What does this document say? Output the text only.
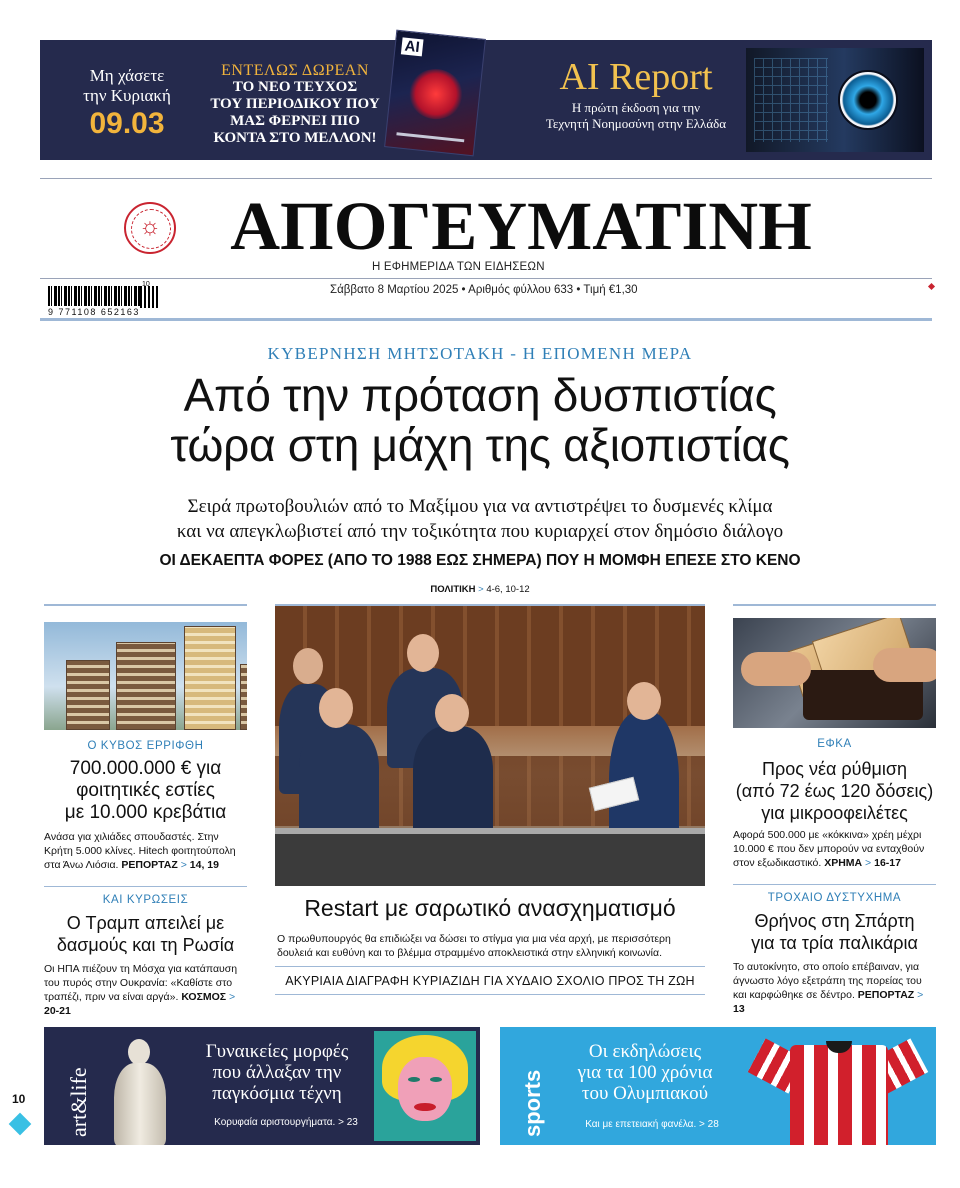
Μη χάσετε
την Κυριακή
09.03
ΕΝΤΕΛΩΣ ΔΩΡΕΑΝ
ΤΟ ΝΕΟ ΤΕΥΧΟΣ
ΤΟΥ ΠΕΡΙΟΔΙΚΟΥ ΠΟΥ
ΜΑΣ ΦΕΡΝΕΙ ΠΙΟ
ΚΟΝΤΑ ΣΤΟ ΜΕΛΛΟΝ!
AI
AI Report
Η πρώτη έκδοση για την
Τεχνητή Νοημοσύνη στην Ελλάδα
☼	ΑΠΟΓΕΥΜΑΤΙΝΗ
Η ΕΦΗΜΕΡΙΔΑ ΤΩΝ ΕΙΔΗΣΕΩΝ
10
9 771108 652163
Σάββατο 8 Μαρτίου 2025 • Αριθμός φύλλου 633 • Τιμή €1,30
ΚΥΒΕΡΝΗΣΗ ΜΗΤΣΟΤΑΚΗ - Η ΕΠΟΜΕΝΗ ΜΕΡΑ
Από την πρόταση δυσπιστίας
τώρα στη μάχη της αξιοπιστίας
Σειρά πρωτοβουλιών από το Μαξίμου για να αντιστρέψει το δυσμενές κλίμα
και να απεγκλωβιστεί από την τοξικότητα που κυριαρχεί στον δημόσιο διάλογο
ΟΙ ΔΕΚΑΕΠΤΑ ΦΟΡΕΣ (ΑΠΟ ΤΟ 1988 ΕΩΣ ΣΗΜΕΡΑ) ΠΟΥ Η ΜΟΜΦΗ ΕΠΕΣΕ ΣΤΟ ΚΕΝΟ
ΠΟΛΙΤΙΚΗ > 4-6, 10-12
Ο ΚΥΒΟΣ ΕΡΡΙΦΘΗ
700.000.000 € για
φοιτητικές εστίες
με 10.000 κρεβάτια
Ανάσα για χιλιάδες σπουδαστές. Στην Κρήτη 5.000 κλίνες. Hitech φοιτητούπολη στα Άνω Λιόσια. ΡΕΠΟΡΤΑΖ > 14, 19
ΚΑΙ ΚΥΡΩΣΕΙΣ
Ο Τραμπ απειλεί με
δασμούς και τη Ρωσία
Οι ΗΠΑ πιέζουν τη Μόσχα για κατάπαυση του πυρός στην Ουκρανία: «Καθίστε στο τραπέζι, πριν να είναι αργά». ΚΟΣΜΟΣ > 20-21
Restart με σαρωτικό ανασχηματισμό
Ο πρωθυπουργός θα επιδιώξει να δώσει το στίγμα για μια νέα αρχή, με περισσότερη δουλειά και ευθύνη και το βλέμμα στραμμένο αποκλειστικά στην ελληνική κοινωνία.
ΑΚΥΡΙΑΙΑ ΔΙΑΓΡΑΦΗ ΚΥΡΙΑΖΙΔΗ ΓΙΑ ΧΥΔΑΙΟ ΣΧΟΛΙΟ ΠΡΟΣ ΤΗ ΖΩΗ
ΕΦΚΑ
Προς νέα ρύθμιση
(από 72 έως 120 δόσεις)
για μικροοφειλέτες
Αφορά 500.000 με «κόκκινα» χρέη μέχρι 10.000 € που δεν μπορούν να ενταχθούν στον εξωδικαστικό. ΧΡΗΜΑ > 16-17
ΤΡΟΧΑΙΟ ΔΥΣΤΥΧΗΜΑ
Θρήνος στη Σπάρτη
για τα τρία παλικάρια
Το αυτοκίνητο, στο οποίο επέβαιναν, για άγνωστο λόγο εξετράπη της πορείας του και καρφώθηκε σε δέντρο. ΡΕΠΟΡΤΑΖ > 13
art&life
Γυναικείες μορφές
που άλλαξαν την
παγκόσμια τέχνη
Κορυφαία αριστουργήματα. > 23	sports
Οι εκδηλώσεις
για τα 100 χρόνια
του Ολυμπιακού
Και με επετειακή φανέλα. > 28
10
